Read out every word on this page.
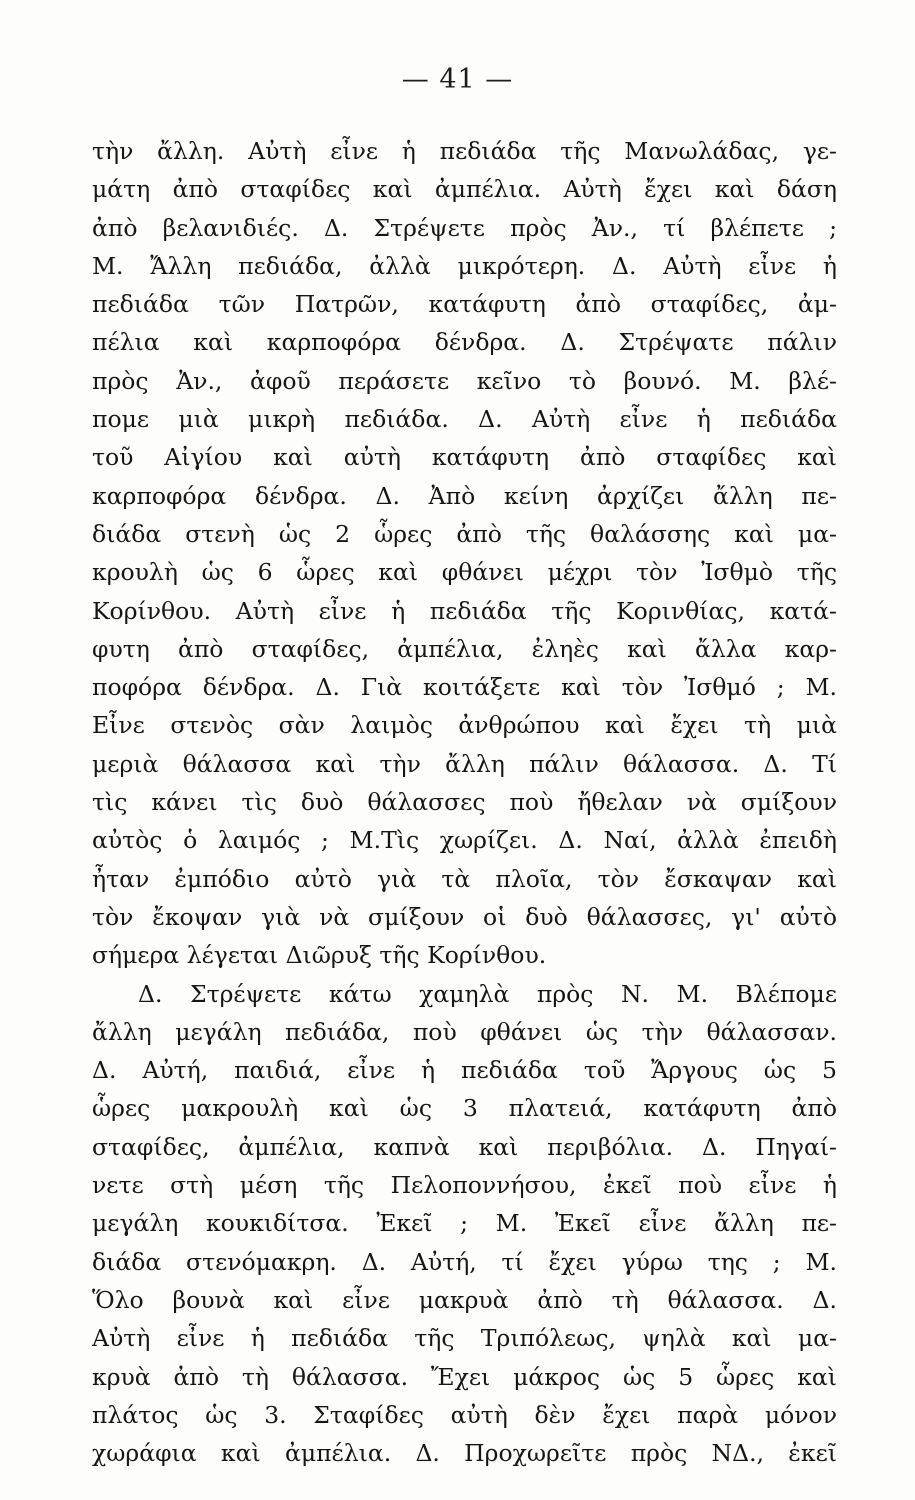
— 41 —
τὴν ἄλλη. Αὐτὴ εἶνε ἡ πεδιάδα τῆς Μανωλάδας, γε-
μάτη ἀπὸ σταφίδες καὶ ἀμπέλια. Αὐτὴ ἔχει καὶ δάση
ἀπὸ βελανιδιές. Δ. Στρέψετε πρὸς Ἀν., τί βλέπετε ;
Μ. Ἄλλη πεδιάδα, ἀλλὰ μικρότερη. Δ. Αὐτὴ εἶνε ἡ
πεδιάδα τῶν Πατρῶν, κατάφυτη ἀπὸ σταφίδες, ἀμ-
πέλια καὶ καρποφόρα δένδρα. Δ. Στρέψατε πάλιν
πρὸς Ἀν., ἀφοῦ περάσετε κεῖνο τὸ βουνό. Μ. βλέ-
πομε μιὰ μικρὴ πεδιάδα. Δ. Αὐτὴ εἶνε ἡ πεδιάδα
τοῦ Αἰγίου καὶ αὐτὴ κατάφυτη ἀπὸ σταφίδες καὶ
καρποφόρα δένδρα. Δ. Ἀπὸ κείνη ἀρχίζει ἄλλη πε-
διάδα στενὴ ὡς 2 ὧρες ἀπὸ τῆς θαλάσσης καὶ μα-
κρουλὴ ὡς 6 ὧρες καὶ φθάνει μέχρι τὸν Ἰσθμὸ τῆς
Κορίνθου. Αὐτὴ εἶνε ἡ πεδιάδα τῆς Κορινθίας, κατά-
φυτη ἀπὸ σταφίδες, ἀμπέλια, ἐληὲς καὶ ἄλλα καρ-
ποφόρα δένδρα. Δ. Γιὰ κοιτάξετε καὶ τὸν Ἰσθμό ; Μ.
Εἶνε στενὸς σὰν λαιμὸς ἀνθρώπου καὶ ἔχει τὴ μιὰ
μεριὰ θάλασσα καὶ τὴν ἄλλη πάλιν θάλασσα. Δ. Τί
τὶς κάνει τὶς δυὸ θάλασσες ποὺ ἤθελαν νὰ σμίξουν
αὐτὸς ὁ λαιμός ; Μ.Τὶς χωρίζει. Δ. Ναί, ἀλλὰ ἐπειδὴ
ἦταν ἐμπόδιο αὐτὸ γιὰ τὰ πλοῖα, τὸν ἔσκαψαν καὶ
τὸν ἔκοψαν γιὰ νὰ σμίξουν οἱ δυὸ θάλασσες, γι' αὐτὸ
σήμερα λέγεται Διῶρυξ τῆς Κορίνθου.
Δ. Στρέψετε κάτω χαμηλὰ πρὸς Ν. Μ. Βλέπομε
ἄλλη μεγάλη πεδιάδα, ποὺ φθάνει ὡς τὴν θάλασσαν.
Δ. Αὐτή, παιδιά, εἶνε ἡ πεδιάδα τοῦ Ἄργους ὡς 5
ὧρες μακρουλὴ καὶ ὡς 3 πλατειά, κατάφυτη ἀπὸ
σταφίδες, ἀμπέλια, καπνὰ καὶ περιβόλια. Δ. Πηγαί-
νετε στὴ μέση τῆς Πελοποννήσου, ἐκεῖ ποὺ εἶνε ἡ
μεγάλη κουκιδίτσα. Ἐκεῖ ; Μ. Ἐκεῖ εἶνε ἄλλη πε-
διάδα στενόμακρη. Δ. Αὐτή, τί ἔχει γύρω της ; Μ.
Ὅλο βουνὰ καὶ εἶνε μακρυὰ ἀπὸ τὴ θάλασσα. Δ.
Αὐτὴ εἶνε ἡ πεδιάδα τῆς Τριπόλεως, ψηλὰ καὶ μα-
κρυὰ ἀπὸ τὴ θάλασσα. Ἔχει μάκρος ὡς 5 ὧρες καὶ
πλάτος ὡς 3. Σταφίδες αὐτὴ δὲν ἔχει παρὰ μόνον
χωράφια καὶ ἀμπέλια. Δ. Προχωρεῖτε πρὸς ΝΔ., ἐκεῖ
